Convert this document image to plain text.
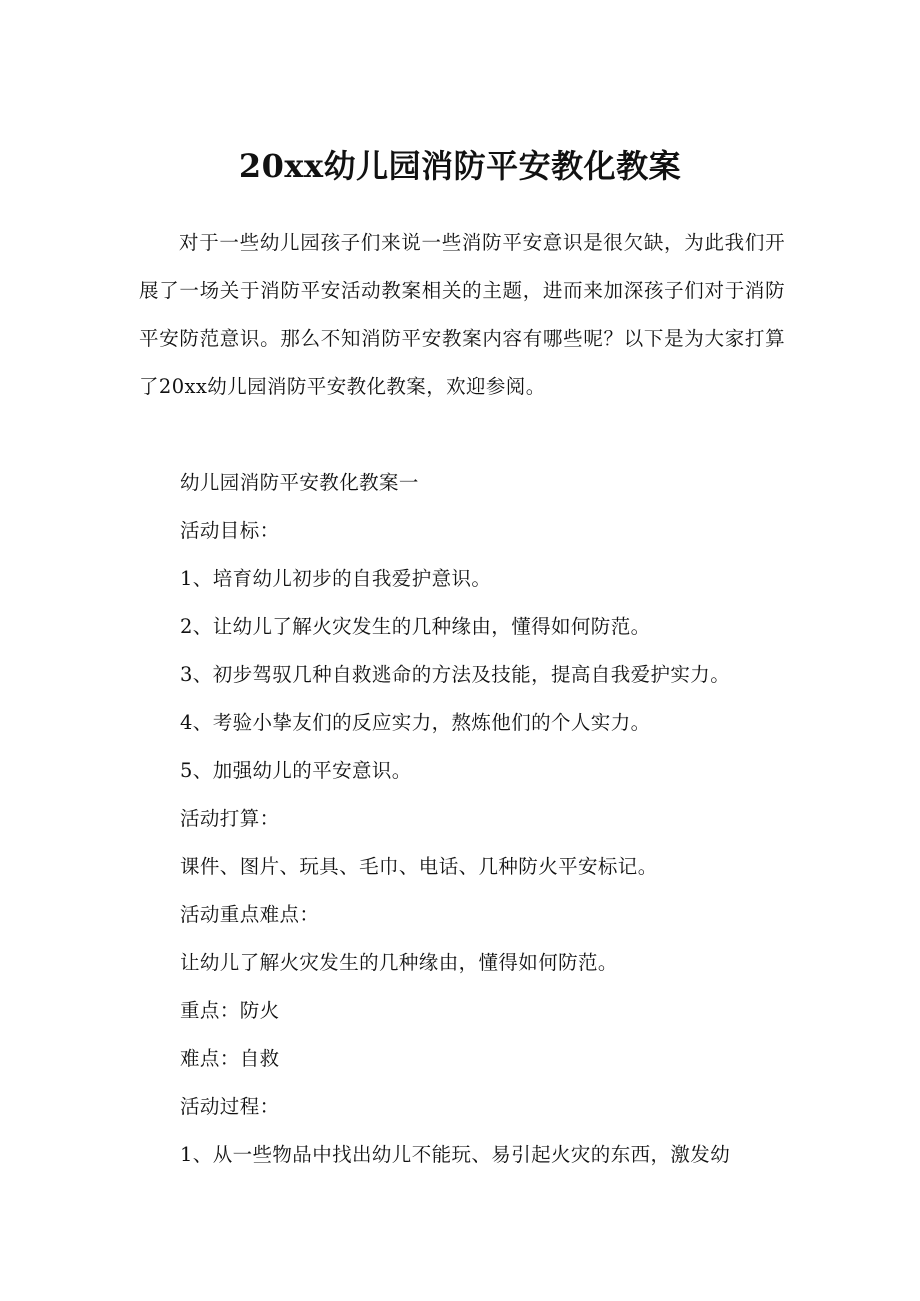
20xx幼儿园消防平安教化教案

对于一些幼儿园孩子们来说一些消防平安意识是很欠缺，为此我们开展了一场关于消防平安活动教案相关的主题，进而来加深孩子们对于消防平安防范意识。那么不知消防平安教案内容有哪些呢？以下是为大家打算了20xx幼儿园消防平安教化教案，欢迎参阅。

幼儿园消防平安教化教案一
活动目标：
1、培育幼儿初步的自我爱护意识。
2、让幼儿了解火灾发生的几种缘由，懂得如何防范。
3、初步驾驭几种自救逃命的方法及技能，提高自我爱护实力。
4、考验小挚友们的反应实力，熬炼他们的个人实力。
5、加强幼儿的平安意识。
活动打算：
课件、图片、玩具、毛巾、电话、几种防火平安标记。
活动重点难点：
让幼儿了解火灾发生的几种缘由，懂得如何防范。
重点：防火
难点：自救
活动过程：
1、从一些物品中找出幼儿不能玩、易引起火灾的东西，激发幼
